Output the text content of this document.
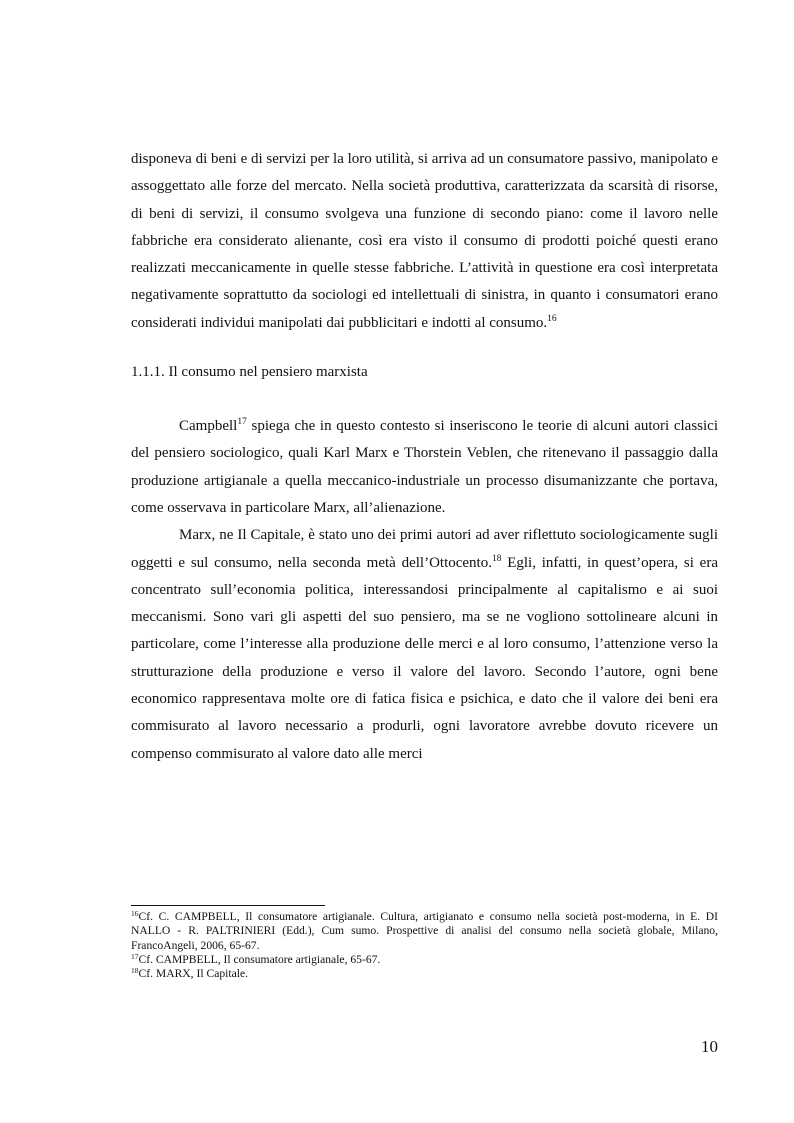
disponeva di beni e di servizi per la loro utilità, si arriva ad un consumatore passivo, manipolato e assoggettato alle forze del mercato. Nella società produttiva, caratterizzata da scarsità di risorse, di beni di servizi, il consumo svolgeva una funzione di secondo piano: come il lavoro nelle fabbriche era considerato alienante, così era visto il consumo di prodotti poiché questi erano realizzati meccanicamente in quelle stesse fabbriche. L’attività in questione era così interpretata negativamente soprattutto da sociologi ed intellettuali di sinistra, in quanto i consumatori erano considerati individui manipolati dai pubblicitari e indotti al consumo.$^{16}$

1.1.1. Il consumo nel pensiero marxista

Campbell$^{17}$ spiega che in questo contesto si inseriscono le teorie di alcuni autori classici del pensiero sociologico, quali Karl Marx e Thorstein Veblen, che ritenevano il passaggio dalla produzione artigianale a quella meccanico-industriale un processo disumanizzante che portava, come osservava in particolare Marx, all’alienazione.

Marx, ne Il Capitale, è stato uno dei primi autori ad aver riflettuto sociologicamente sugli oggetti e sul consumo, nella seconda metà dell’Ottocento.$^{18}$ Egli, infatti, in quest’opera, si era concentrato sull’economia politica, interessandosi principalmente al capitalismo e ai suoi meccanismi. Sono vari gli aspetti del suo pensiero, ma se ne vogliono sottolineare alcuni in particolare, come l’interesse alla produzione delle merci e al loro consumo, l’attenzione verso la strutturazione della produzione e verso il valore del lavoro. Secondo l’autore, ogni bene economico rappresentava molte ore di fatica fisica e psichica, e dato che il valore dei beni era commisurato al lavoro necessario a produrli, ogni lavoratore avrebbe dovuto ricevere un compenso commisurato al valore dato alle merci

$^{16}$Cf. C. CAMPBELL, Il consumatore artigianale. Cultura, artigianato e consumo nella società post-moderna, in E. DI NALLO - R. PALTRINIERI (Edd.), Cum sumo. Prospettive di analisi del consumo nella società globale, Milano, FrancoAngeli, 2006, 65-67.

$^{17}$Cf. CAMPBELL, Il consumatore artigianale, 65-67.

$^{18}$Cf. MARX, Il Capitale.

10
